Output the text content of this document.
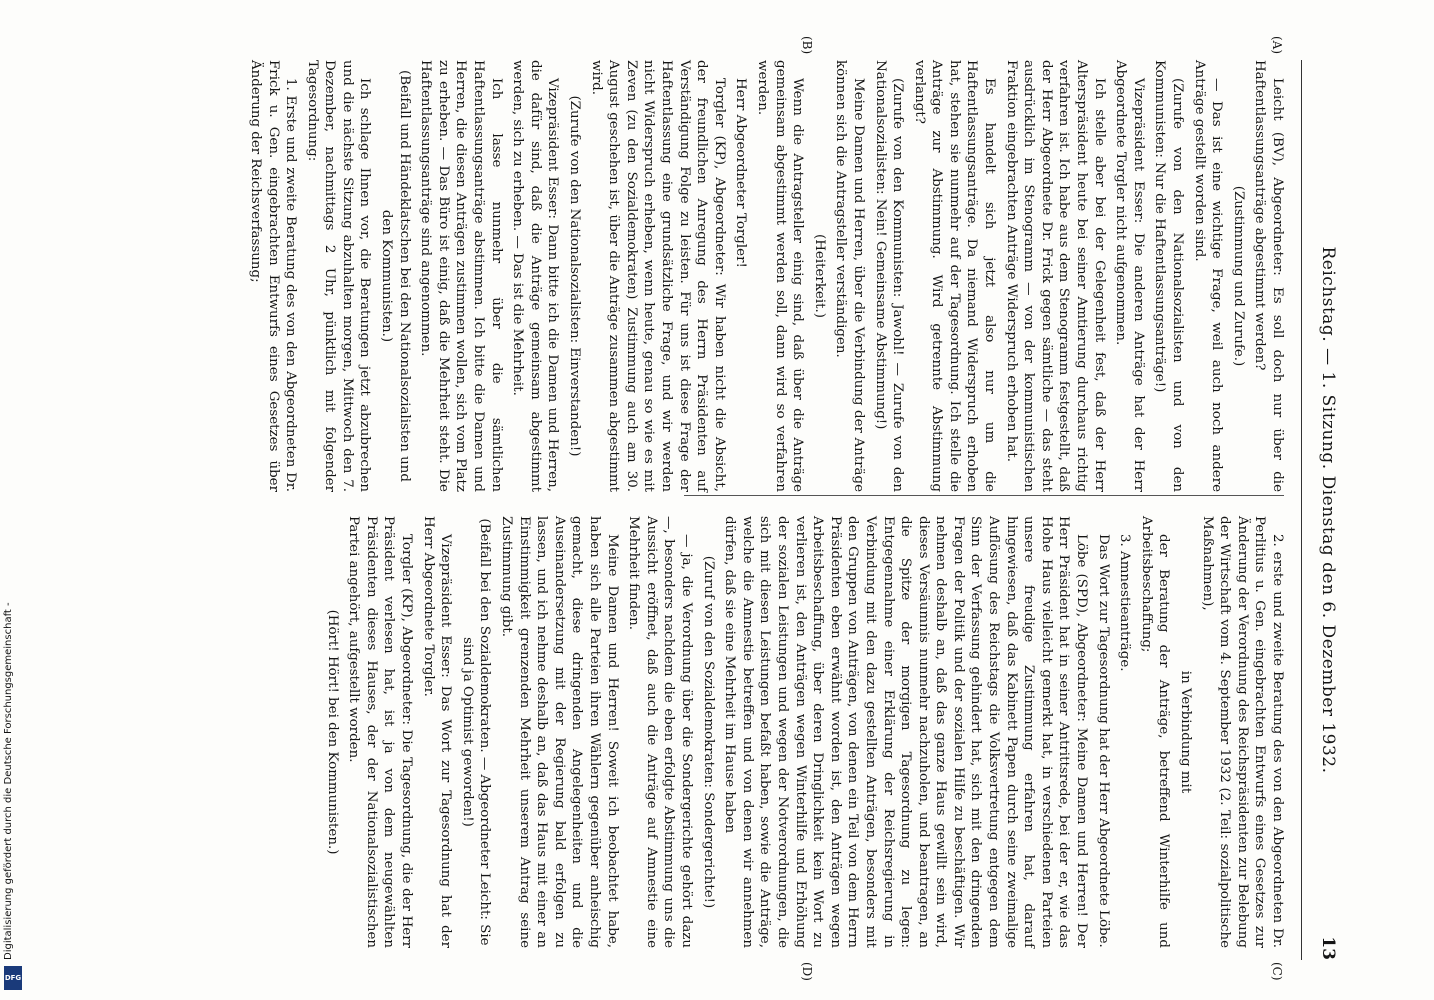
Reichstag. — 1. Sitzung. Dienstag den 6. Dezember 1932.
13
(A)
(B)
(C)
(D)

Leicht (BV), Abgeordneter: Es soll doch nur über die Haftentlassungsanträge abgestimmt werden?

(Zustimmung und Zurufe.)

— Das ist eine wichtige Frage, weil auch noch andere Anträge gestellt worden sind.

(Zurufe von den Nationalsozialisten und von den Kommunisten: Nur die Haftentlassungsanträge!)

Vizepräsident Esser: Die anderen Anträge hat der Herr Abgeordnete Torgler nicht aufgenommen.

Ich stelle aber bei der Gelegenheit fest, daß der Herr Alterspräsident heute bei seiner Amtierung durchaus richtig verfahren ist. Ich habe aus dem Stenogramm festgestellt, daß der Herr Abgeordnete Dr. Frick gegen sämtliche — das steht ausdrücklich im Stenogramm — von der kommunistischen Fraktion eingebrachten Anträge Widerspruch erhoben hat.

Es handelt sich jetzt also nur um die Haftentlassungsanträge. Da niemand Widerspruch erhoben hat, stehen sie nunmehr auf der Tagesordnung. Ich stelle die Anträge zur Abstimmung. Wird getrennte Abstimmung verlangt?

(Zurufe von den Kommunisten: Jawohl! — Zurufe von den Nationalsozialisten: Nein! Gemeinsame Abstimmung!)

Meine Damen und Herren, über die Verbindung der Anträge können sich die Antragsteller verständigen.

(Heiterkeit.)

Wenn die Antragsteller einig sind, daß über die Anträge gemeinsam abgestimmt werden soll, dann wird so verfahren werden.

Herr Abgeordneter Torgler!

Torgler (KP), Abgeordneter: Wir haben nicht die Absicht, der freundlichen Anregung des Herrn Präsidenten auf Verständigung Folge zu leisten. Für uns ist diese Frage der Haftentlassung eine grundsätzliche Frage, und wir werden nicht Widerspruch erheben, wenn heute, genau so wie es mit Zeven (zu den Sozialdemokraten) Zustimmung auch am 30. August geschehen ist, über die Anträge zusammen abgestimmt wird.

(Zurufe von den Nationalsozialisten: Einverstanden!)

Vizepräsident Esser: Dann bitte ich die Damen und Herren, die dafür sind, daß die Anträge gemeinsam abgestimmt werden, sich zu erheben. — Das ist die Mehrheit.

Ich lasse nunmehr über die sämtlichen Haftentlassungsanträge abstimmen. Ich bitte die Damen und Herren, die diesen Anträgen zustimmen wollen, sich vom Platz zu erheben. — Das Büro ist einig, daß die Mehrheit steht. Die Haftentlassungsanträge sind angenommen.

(Beifall und Händeklatschen bei den Nationalsozialisten und den Kommunisten.)

Ich schlage Ihnen vor, die Beratungen jetzt abzubrechen und die nächste Sitzung abzuhalten morgen, Mittwoch den 7. Dezember, nachmittags 2 Uhr, pünktlich mit folgender Tagesordnung:

1. Erste und zweite Beratung des von den Abgeordneten Dr. Frick u. Gen. eingebrachten Entwurfs eines Gesetzes über Änderung der Reichsverfassung;

2. erste und zweite Beratung des von den Abgeordneten Dr. Perlitius u. Gen. eingebrachten Entwurfs eines Gesetzes zur Änderung der Verordnung des Reichspräsidenten zur Belebung der Wirtschaft vom 4. September 1932 (2. Teil: sozialpolitische Maßnahmen),

in Verbindung mit

der Beratung der Anträge, betreffend Winterhilfe und Arbeitsbeschaffung;

3. Amnestieanträge.

Das Wort zur Tagesordnung hat der Herr Abgeordnete Löbe.

Löbe (SPD), Abgeordneter: Meine Damen und Herren! Der Herr Präsident hat in seiner Antrittsrede, bei der er, wie das Hohe Haus vielleicht gemerkt hat, in verschiedenen Parteien unsere freudige Zustimmung erfahren hat, darauf hingewiesen, daß das Kabinett Papen durch seine zweimalige Auflösung des Reichstags die Volksvertretung entgegen dem Sinn der Verfassung gehindert hat, sich mit den dringenden Fragen der Politik und der sozialen Hilfe zu beschäftigen. Wir nehmen deshalb an, daß das ganze Haus gewillt sein wird, dieses Versäumnis nunmehr nachzuholen, und beantragen, an die Spitze der morgigen Tagesordnung zu legen: Entgegennahme einer Erklärung der Reichsregierung in Verbindung mit den dazu gestellten Anträgen, besonders mit den Gruppen von Anträgen, von denen ein Teil von dem Herrn Präsidenten eben erwähnt worden ist, den Anträgen wegen Arbeitsbeschaffung, über deren Dringlichkeit kein Wort zu verlieren ist, den Anträgen wegen Winterhilfe und Erhöhung der sozialen Leistungen und wegen der Notverordnungen, die sich mit diesen Leistungen befaßt haben, sowie die Anträge, welche die Amnestie betreffen und von denen wir annehmen dürfen, daß sie eine Mehrheit im Hause haben

(Zuruf von den Sozialdemokraten: Sondergerichte!)

— ja, die Verordnung über die Sondergerichte gehört dazu —, besonders nachdem die eben erfolgte Abstimmung uns die Aussicht eröffnet, daß auch die Anträge auf Amnestie eine Mehrheit finden.

Meine Damen und Herren! Soweit ich beobachtet habe, haben sich alle Parteien ihren Wählern gegenüber anheischig gemacht, diese dringenden Angelegenheiten und die Auseinandersetzung mit der Regierung bald erfolgen zu lassen, und ich nehme deshalb an, daß das Haus mit einer an Einstimmigkeit grenzenden Mehrheit unserem Antrag seine Zustimmung gibt.

(Beifall bei den Sozialdemokraten. — Abgeordneter Leicht: Sie sind ja Optimist geworden!)

Vizepräsident Esser: Das Wort zur Tagesordnung hat der Herr Abgeordnete Torgler.

Torgler (KP), Abgeordneter: Die Tagesordnung, die der Herr Präsident verlesen hat, ist ja von dem neugewählten Präsidenten dieses Hauses, der der Nationalsozialistischen Partei angehört, aufgestellt worden.

(Hört! Hört! bei den Kommunisten.)

Digitalisierung gefördert durch die Deutsche Forschungsgemeinschaft -
DFG
